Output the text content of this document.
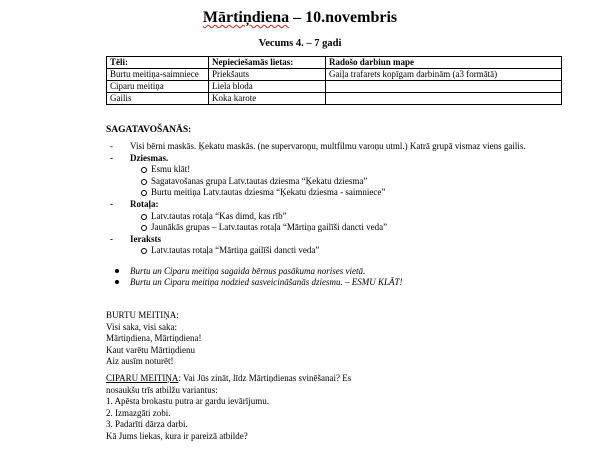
Mārtiņdiena – 10.novembris
Vecums 4. – 7 gadi
Tēli:	Nepieciešamās lietas:	Radošo darbiun mape
Burtu meitiņa-saimniece	Priekšauts	Gaiļa trafarets kopīgam darbinām (a3 formātā)
Ciparu meitiņa	Liela bloda	
Gailis	Koka karote	
SAGATAVOŠANĀS:
- Visi bērni maskās. Ķekatu maskās. (ne supervaroņu, multfilmu varoņu utml.) Katrā grupā vismaz viens gailis.
- Dziesmas.
Esmu klāt!
Sagatavošanas grupa Latv.tautas dziesma “Ķekatu dziesma”
Burtu meitiņa Latv.tautas dziesma “Ķekatu dziesma - saimniece”
- Rotaļa:
Latv.tautas rotaļa “Kas dimd, kas rīb”
Jaunākās grupas – Latv.tautas rotaļa “Mārtiņa gailīši dancti veda”
- Ieraksts
Latv.tautas rotaļa “Mārtiņa gailīši dancti veda”
Burtu un Ciparu meitiņa sagaida bērnus pasākuma norises vietā.
Burtu un Ciparu meitiņa nodzied sasveicināšanās dziesmu. – ESMU KLĀT!
BURTU MEITIŅA:
Visi saka, visi saka:
Mārtiņdiena, Mārtiņdiena!
Kaut varētu Mārtiņdienu
Aiz ausīm noturēt!
CIPARU MEITIŅA: Vai Jūs zināt, līdz Mārtiņdienas svinēšanai? Es nosaukšu trīs atbilžu variantus:
1. Apēsta brokastu putra ar gardu ievārījumu.
2. Izmazgāti zobi.
3. Padarīti dārza darbi.
Kā Jums liekas, kura ir pareizā atbilde?
